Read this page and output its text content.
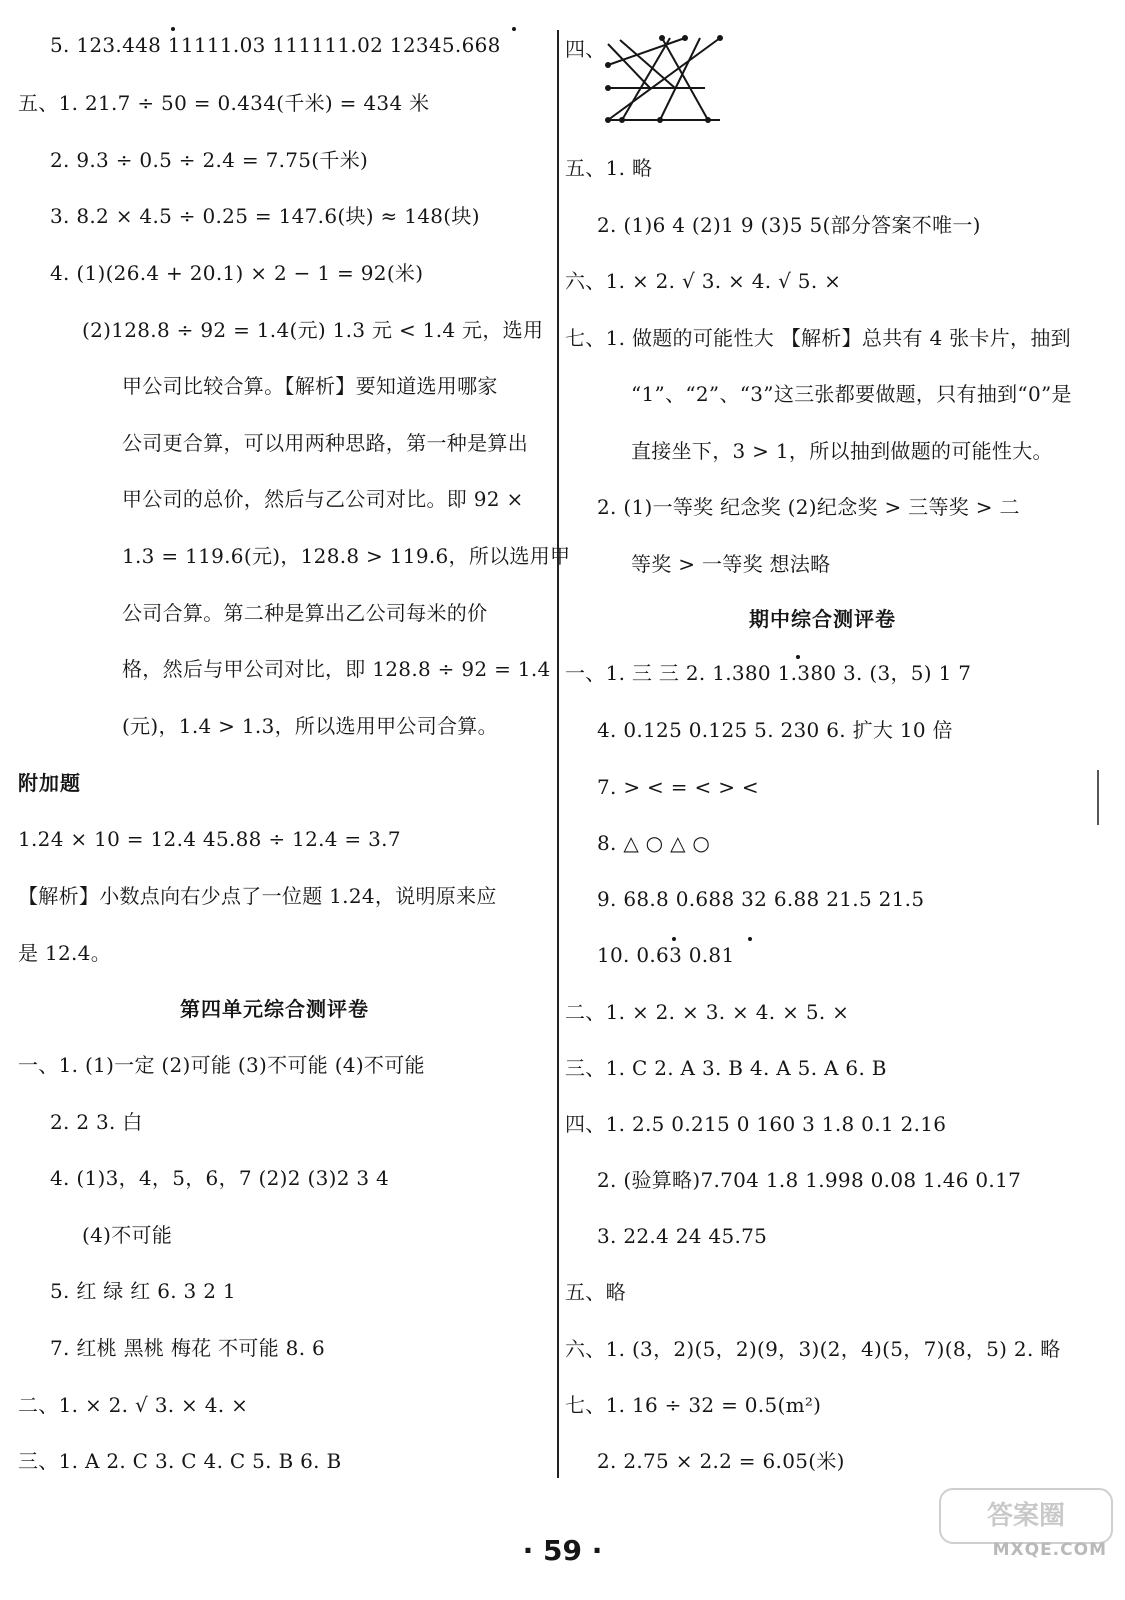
5. 123.448 11111.03 111111.02 12345.668
五、1. 21.7 ÷ 50 = 0.434(千米) = 434 米
2. 9.3 ÷ 0.5 ÷ 2.4 = 7.75(千米)
3. 8.2 × 4.5 ÷ 0.25 = 147.6(块) ≈ 148(块)
4. (1)(26.4 + 20.1) × 2 − 1 = 92(米)
(2)128.8 ÷ 92 = 1.4(元) 1.3 元 < 1.4 元，选用
甲公司比较合算。【解析】要知道选用哪家
公司更合算，可以用两种思路，第一种是算出
甲公司的总价，然后与乙公司对比。即 92 ×
1.3 = 119.6(元)，128.8 > 119.6，所以选用甲
公司合算。第二种是算出乙公司每米的价
格，然后与甲公司对比，即 128.8 ÷ 92 = 1.4
(元)，1.4 > 1.3，所以选用甲公司合算。
附加题
1.24 × 10 = 12.4 45.88 ÷ 12.4 = 3.7
【解析】小数点向右少点了一位题 1.24，说明原来应
是 12.4。
第四单元综合测评卷
一、1. (1)一定 (2)可能 (3)不可能 (4)不可能
2. 2 3. 白
4. (1)3，4，5，6，7 (2)2 (3)2 3 4
(4)不可能
5. 红 绿 红 6. 3 2 1
7. 红桃 黑桃 梅花 不可能 8. 6
二、1. × 2. √ 3. × 4. ×
三、1. A 2. C 3. C 4. C 5. B 6. B
四、
五、1. 略
2. (1)6 4 (2)1 9 (3)5 5(部分答案不唯一)
六、1. × 2. √ 3. × 4. √ 5. ×
七、1. 做题的可能性大 【解析】总共有 4 张卡片，抽到
“1”、“2”、“3”这三张都要做题，只有抽到“0”是
直接坐下，3 > 1，所以抽到做题的可能性大。
2. (1)一等奖 纪念奖 (2)纪念奖 > 三等奖 > 二
等奖 > 一等奖 想法略
期中综合测评卷
一、1. 三 三 2. 1.380 1.380 3. (3，5) 1 7
4. 0.125 0.125 5. 230 6. 扩大 10 倍
7. > < = < > <
8. △ ○ △ ○
9. 68.8 0.688 32 6.88 21.5 21.5
10. 0.63 0.81
二、1. × 2. × 3. × 4. × 5. ×
三、1. C 2. A 3. B 4. A 5. A 6. B
四、1. 2.5 0.215 0 160 3 1.8 0.1 2.16
2. (验算略)7.704 1.8 1.998 0.08 1.46 0.17
3. 22.4 24 45.75
五、略
六、1. (3，2)(5，2)(9，3)(2，4)(5，7)(8，5) 2. 略
七、1. 16 ÷ 32 = 0.5(m²)
2. 2.75 × 2.2 = 6.05(米)
· 59 ·
答案圈
MXQE.COM
